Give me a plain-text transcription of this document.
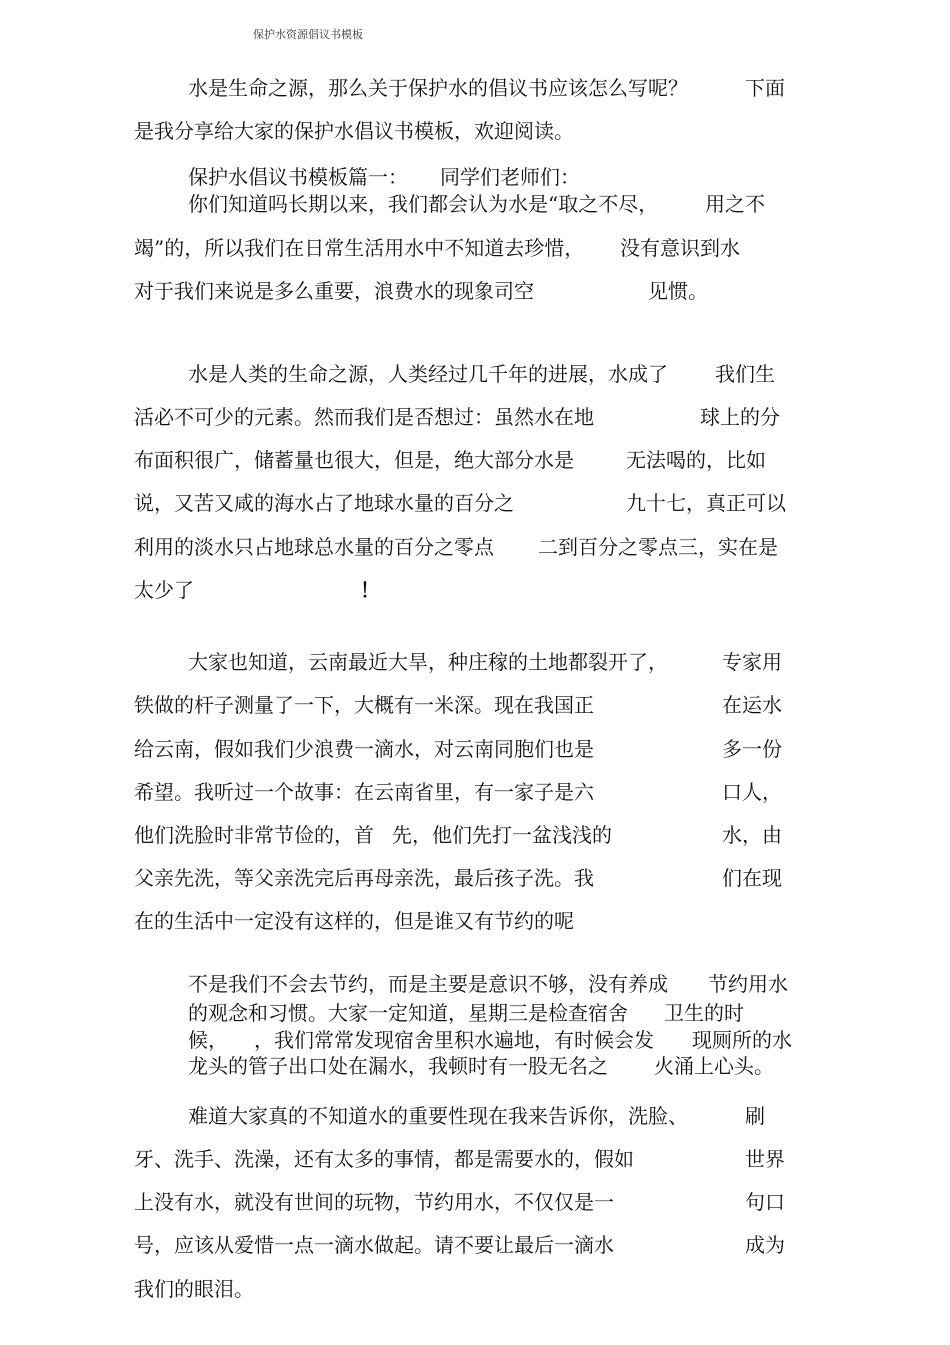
保护水资源倡议书模板
水是生命之源，那么关于保护水的倡议书应该怎么写呢？	下面
是我分享给大家的保护水倡议书模板，欢迎阅读。
保护水倡议书模板篇一： 同学们老师们：
你们知道吗长期以来，我们都会认为水是“取之不尽， 用之不
竭”的，所以我们在日常生活用水中不知道去珍惜， 没有意识到水
对于我们来说是多么重要，浪费水的现象司空	见惯。
水是人类的生命之源，人类经过几千年的进展，水成了 我们生
活必不可少的元素。然而我们是否想过：虽然水在地	球上的分
布面积很广，储蓄量也很大，但是，绝大部分水是	无法喝的，比如
说，又苦又咸的海水占了地球水量的百分之	九十七，真正可以
利用的淡水只占地球总水量的百分之零点 二到百分之零点三，实在是
太少了	！
大家也知道，云南最近大旱，种庄稼的土地都裂开了，	专家用
铁做的杆子测量了一下，大概有一米深。现在我国正	在运水
给云南，假如我们少浪费一滴水，对云南同胞们也是	多一份
希望。我听过一个故事：在云南省里，有一家子是六	口人，
他们洗脸时非常节俭的，首 先，他们先打一盆浅浅的	水，由
父亲先洗，等父亲洗完后再母亲洗，最后孩子洗。我	们在现
在的生活中一定没有这样的，但是谁又有节约的呢
不是我们不会去节约，而是主要是意识不够，没有养成 节约用水
的观念和习惯。大家一定知道，星期三是检查宿舍 卫生的时
候， ，我们常常发现宿舍里积水遍地，有时候会发 现厕所的水
龙头的管子出口处在漏水，我顿时有一股无名之 火涌上心头。
难道大家真的不知道水的重要性现在我来告诉你，洗脸、	刷
牙、洗手、洗澡，还有太多的事情，都是需要水的，假如	世界
上没有水，就没有世间的玩物，节约用水，不仅仅是一	句口
号，应该从爱惜一点一滴水做起。请不要让最后一滴水	成为
我们的眼泪。
